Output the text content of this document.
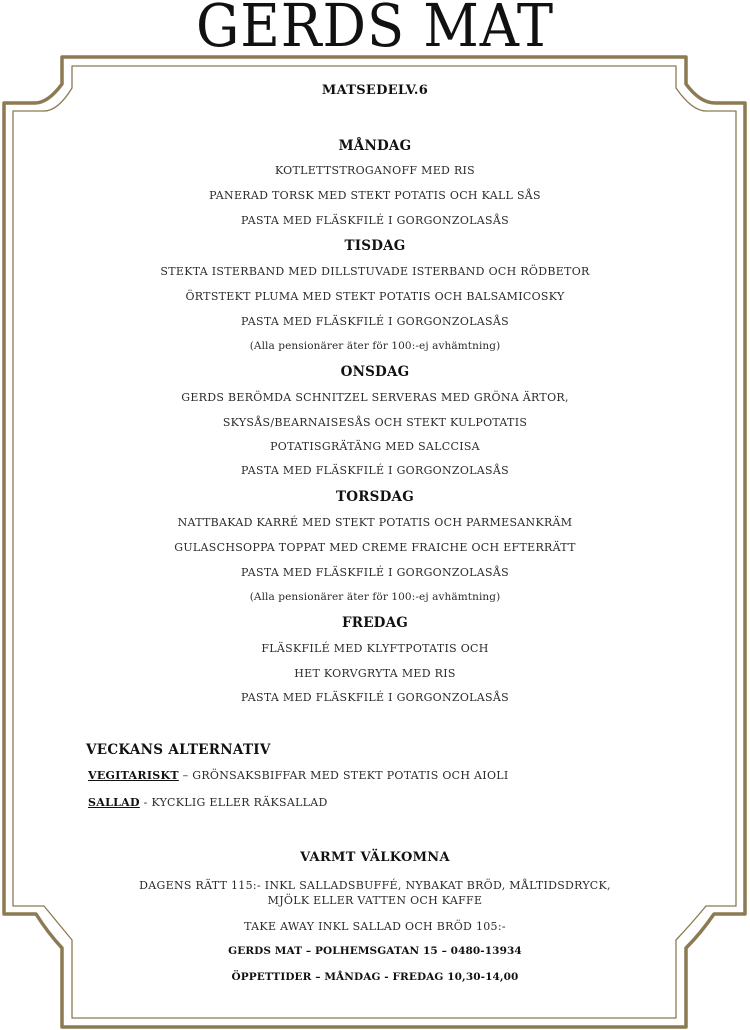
GERDS MAT
MATSEDELV.6
MÅNDAG
KOTLETTSTROGANOFF MED RIS
PANERAD TORSK MED STEKT POTATIS OCH KALL SÅS
PASTA MED FLÄSKFILÉ I GORGONZOLASÅS
TISDAG
STEKTA ISTERBAND MED DILLSTUVADE ISTERBAND OCH RÖDBETOR
ÖRTSTEKT PLUMA MED STEKT POTATIS OCH BALSAMICOSKY
PASTA MED FLÄSKFILÉ I GORGONZOLASÅS
(Alla pensionärer äter för 100:-ej avhämtning)
ONSDAG
GERDS BERÖMDA SCHNITZEL SERVERAS MED GRÖNA ÄRTOR,
SKYSÅS/BEARNAISESÅS OCH STEKT KULPOTATIS
POTATISGRÄTÄNG MED SALCCISA
PASTA MED FLÄSKFILÉ I GORGONZOLASÅS
TORSDAG
NATTBAKAD KARRÉ MED STEKT POTATIS OCH PARMESANKRÄM
GULASCHSOPPA TOPPAT MED CREME FRAICHE OCH EFTERRÄTT
PASTA MED FLÄSKFILÉ I GORGONZOLASÅS
(Alla pensionärer äter för 100:-ej avhämtning)
FREDAG
FLÄSKFILÉ MED KLYFTPOTATIS OCH
HET KORVGRYTA MED RIS
PASTA MED FLÄSKFILÉ I GORGONZOLASÅS
VECKANS ALTERNATIV
VEGITARISKT – GRÖNSAKSBIFFAR MED STEKT POTATIS OCH AIOLI
SALLAD - KYCKLIG ELLER RÄKSALLAD
VARMT VÄLKOMNA
DAGENS RÄTT 115:- INKL SALLADSBUFFÉ, NYBAKAT BRÖD, MÅLTIDSDRYCK,
MJÖLK ELLER VATTEN OCH KAFFE
TAKE AWAY INKL SALLAD OCH BRÖD 105:-
GERDS MAT – POLHEMSGATAN 15 – 0480-13934
ÖPPETTIDER – MÅNDAG - FREDAG 10,30-14,00
